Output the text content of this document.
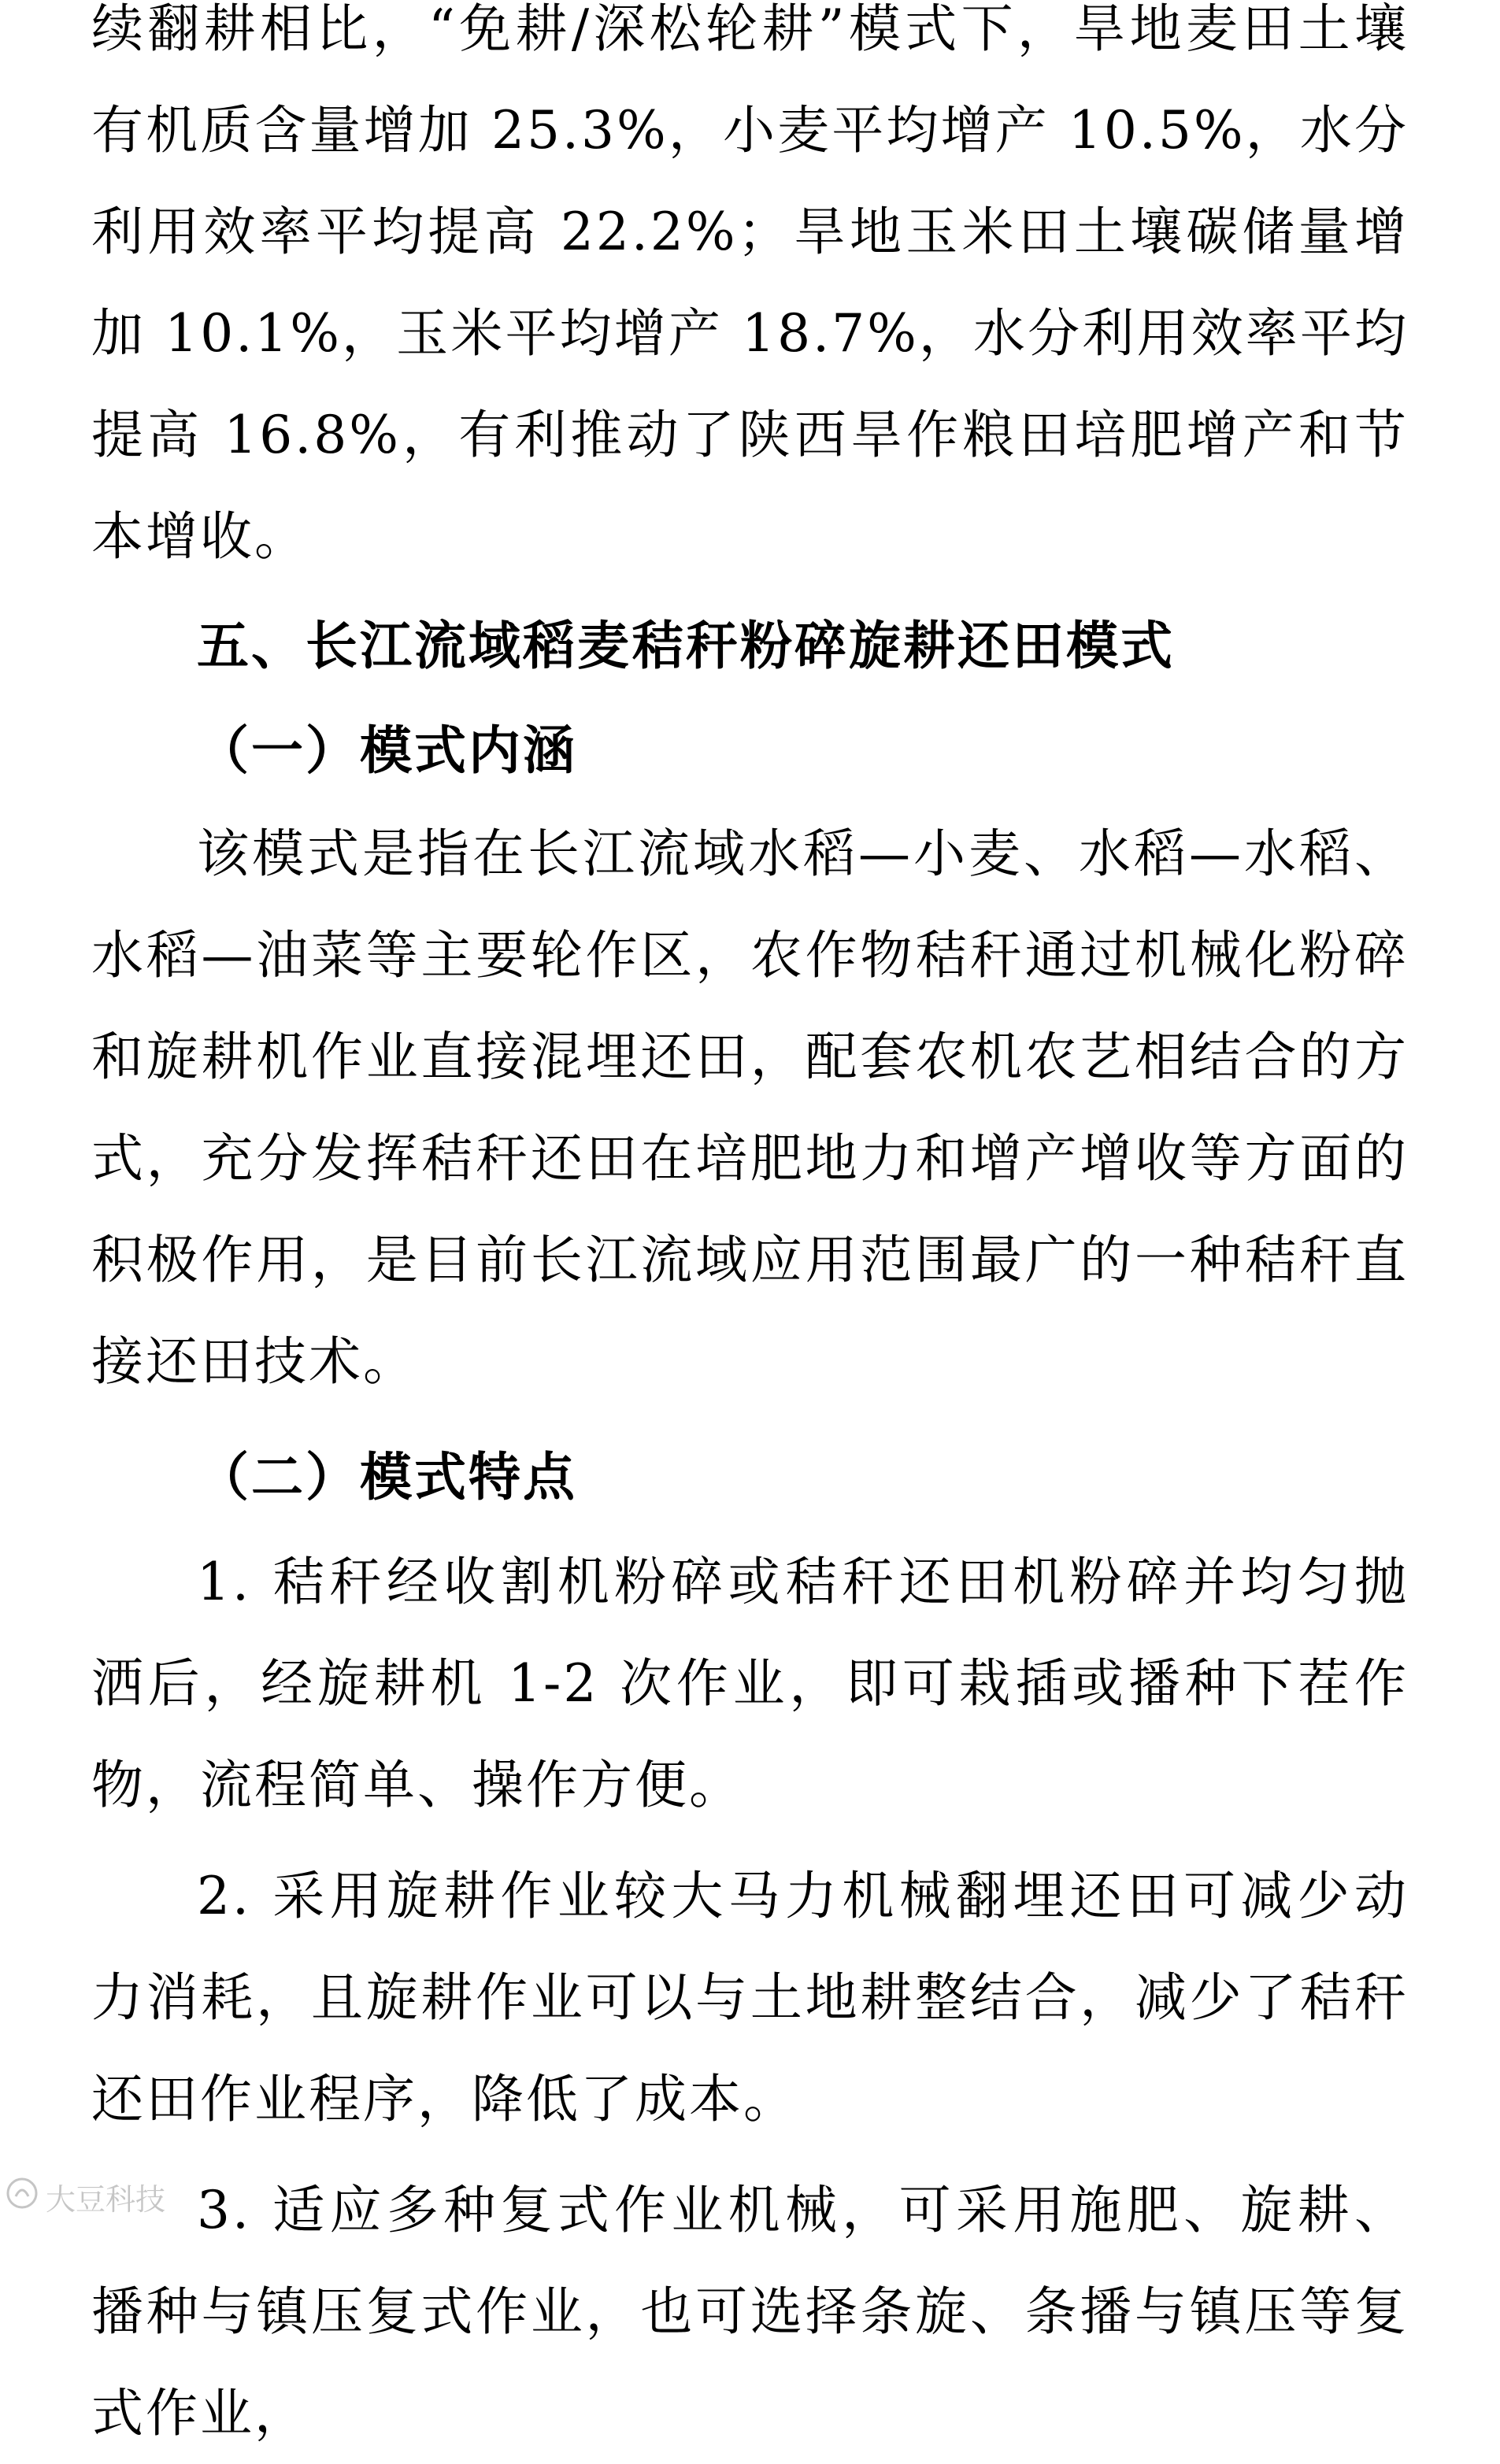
续翻耕相比，“免耕/深松轮耕”模式下，旱地麦田土壤有机质含量增加 25.3%，小麦平均增产 10.5%，水分利用效率平均提高 22.2%；旱地玉米田土壤碳储量增加 10.1%，玉米平均增产 18.7%，水分利用效率平均提高 16.8%，有利推动了陕西旱作粮田培肥增产和节本增收。

五、长江流域稻麦秸秆粉碎旋耕还田模式
（一）模式内涵

该模式是指在长江流域水稻—小麦、水稻—水稻、水稻—油菜等主要轮作区，农作物秸秆通过机械化粉碎和旋耕机作业直接混埋还田，配套农机农艺相结合的方式，充分发挥秸秆还田在培肥地力和增产增收等方面的积极作用，是目前长江流域应用范围最广的一种秸秆直接还田技术。

（二）模式特点

1. 秸秆经收割机粉碎或秸秆还田机粉碎并均匀抛洒后，经旋耕机 1-2 次作业，即可栽插或播种下茬作物，流程简单、操作方便。

2. 采用旋耕作业较大马力机械翻埋还田可减少动力消耗，且旋耕作业可以与土地耕整结合，减少了秸秆还田作业程序，降低了成本。

3. 适应多种复式作业机械，可采用施肥、旋耕、播种与镇压复式作业，也可选择条旋、条播与镇压等复式作业，

大豆科技
